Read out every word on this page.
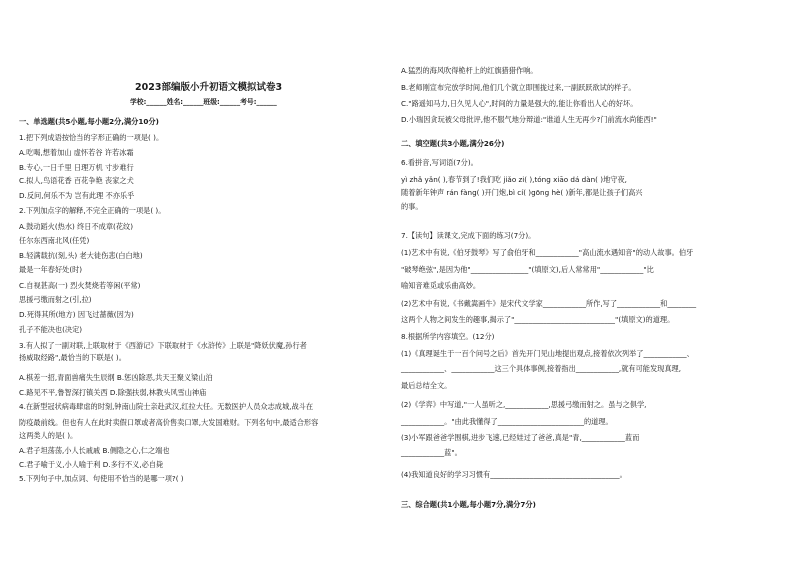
2023部编版小升初语文模拟试卷3
学校:______姓名:______班级:______考号:______
一、单选题(共5小题,每小题2分,满分10分)
1.把下列成语按恰当的字形正确的一项是( )。
A.吃喝,想着加山 虚怀若谷 许若冰霜
B.专心,一日千里 日理万机 寸步难行
C.拟人,鸟语花香 百花争艳 丧家之犬
D.反问,何乐不为 岂有此理 不亦乐乎
2.下列加点字的解释,不完全正确的一项是( )。
A.鼓动蹈火(热水) 终日不成章(花纹)
任尔东西南北风(任凭)
B.轻满载抗(刻,头) 老大徒伤悲(白白地)
最是一年春好处(时)
C.自视甚高(一) 烈火焚烧若等闲(平常)
思援弓缴而射之(引,拉)
D.死得其所(地方) 因飞过蔷薇(因为)
孔子不能决也(决定)
3.有人拟了一副对联,上联取材于《西游记》下联取材于《水浒传》上联是"降妖伏魔,孙行者
扬威取经路",最恰当的下联是( )。
A.棋差一招,青面兽痛失生辰纲 B.惩凶除恶,共天王聚义梁山泊
C.路见不平,鲁智深打镇关西 D.除强扶弱,林教头风雪山神庙
4.在新型冠状病毒肆虐的时刻,钟南山院士亲赴武汉,红拉大任。无数医护人员众志成城,战斗在
防疫最前线。但也有人在此时卖假口罩或者高价售卖口罩,大发国难财。下列名句中,最适合形容
这两类人的是( )。
A.君子坦荡荡,小人长戚戚 B.侧隐之心,仁之端也
C.君子喻于义,小人喻于利 D.多行不义,必自毙
5.下列句子中,加点词、句使用不恰当的是哪一项?( )
A.猛烈的海风吹得桅杆上的红旗猎猎作响。
B.老师刚宣布完放学时间,他们几个就立即围拢过来,一副跃跃欲试的样子。
C."路遥知马力,日久见人心",时间的力量是强大的,能让你看出人心的好坏。
D.小瑞因贪玩被父母批评,他不服气地分辩道:"谁道人生无再少?门前流水尚能西!"
二、填空题(共3小题,满分26分)
6.看拼音,写词语(7分)。
yì zhǎ yǎn( ),春节到了!我们吃 jiǎo zi( ),tóng xiāo dá dàn( )地守夜,
随着新年钟声 rán fàng( )开门炮,bì cí( )gōng hè( )新年,都是让孩子们高兴
的事。
7.【读句】读课文,完成下面的练习(7分)。
(1)艺术中有说,《伯牙鼓琴》写了俞伯牙和____________"高山流水遇知音"的动人故事。伯牙
"破琴绝弦",是因为他"________________"(填原文),后人常常用"____________"比
喻知音难觅或乐曲高妙。
(2)艺术中有说,《书戴嵩画牛》是宋代文学家____________所作,写了____________和________
这两个人物之间发生的趣事,揭示了"____________________________"(填原文)的道理。
8.根据所学内容填空。(12分)
(1)《真理诞生于一百个问号之后》首先开门见山地提出观点,接着依次列举了____________、
____________、____________这三个具体事例,接着指出____________,就有可能发现真理,
最后总结全文。
(2)《学弈》中写道,"一人虽听之,____________,思援弓缴而射之。虽与之俱学,
____________。"由此我懂得了________________________的道理。
(3)小军跟爸爸学围棋,进步飞速,已经娃过了爸爸,真是"青,____________蓝而
____________蓝"。
(4)我知道良好的学习习惯有____________________________________。
三、综合题(共1小题,每小题7分,满分7分)
